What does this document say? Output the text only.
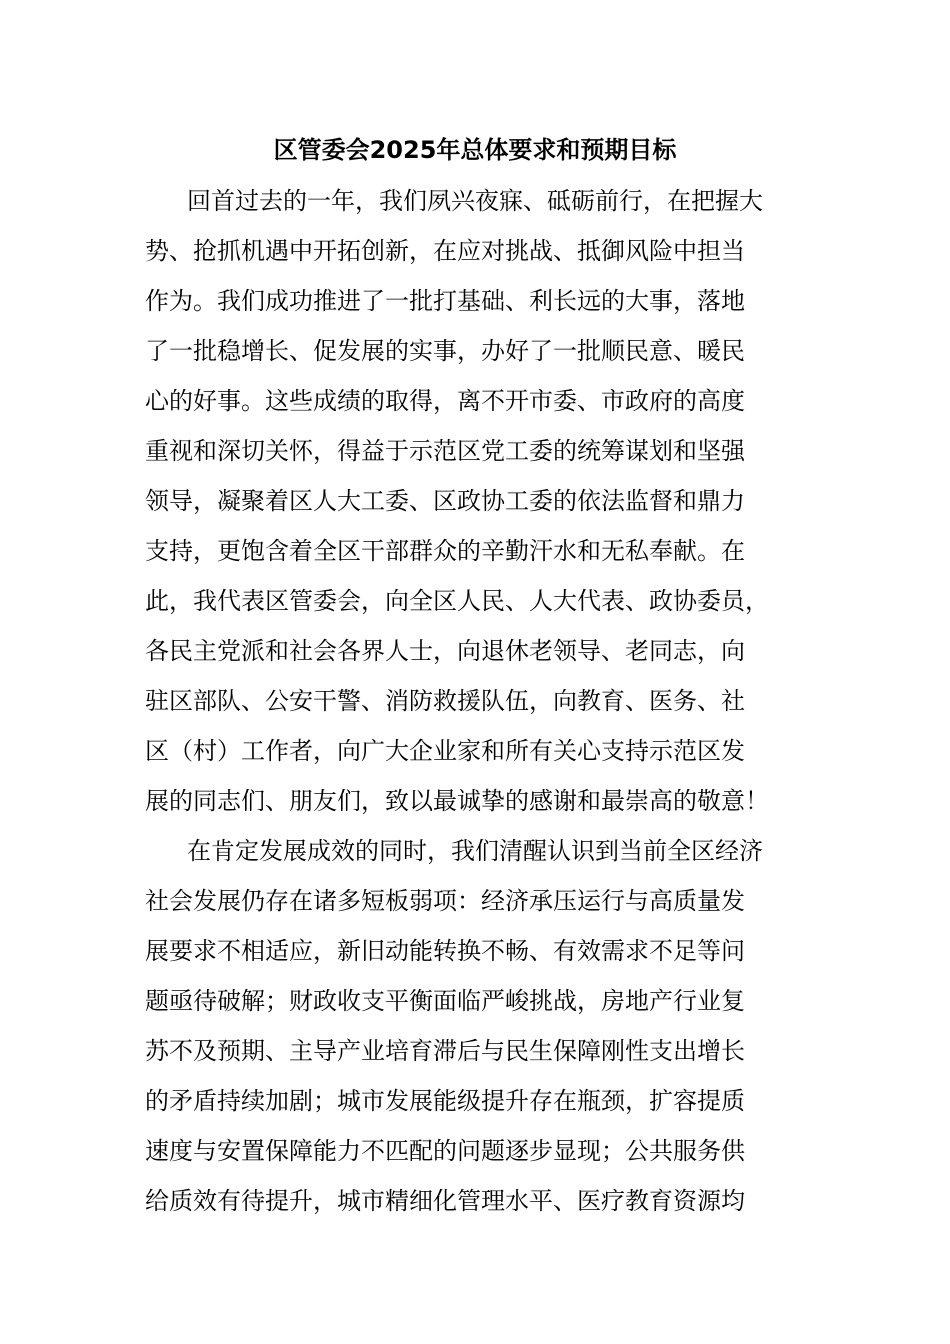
区管委会2025年总体要求和预期目标
回首过去的一年，我们夙兴夜寐、砥砺前行，在把握大
势、抢抓机遇中开拓创新，在应对挑战、抵御风险中担当
作为。我们成功推进了一批打基础、利长远的大事，落地
了一批稳增长、促发展的实事，办好了一批顺民意、暖民
心的好事。这些成绩的取得，离不开市委、市政府的高度
重视和深切关怀，得益于示范区党工委的统筹谋划和坚强
领导，凝聚着区人大工委、区政协工委的依法监督和鼎力
支持，更饱含着全区干部群众的辛勤汗水和无私奉献。在
此，我代表区管委会，向全区人民、人大代表、政协委员，
各民主党派和社会各界人士，向退休老领导、老同志，向
驻区部队、公安干警、消防救援队伍，向教育、医务、社
区（村）工作者，向广大企业家和所有关心支持示范区发
展的同志们、朋友们，致以最诚挚的感谢和最崇高的敬意！
在肯定发展成效的同时，我们清醒认识到当前全区经济
社会发展仍存在诸多短板弱项：经济承压运行与高质量发
展要求不相适应，新旧动能转换不畅、有效需求不足等问
题亟待破解；财政收支平衡面临严峻挑战，房地产行业复
苏不及预期、主导产业培育滞后与民生保障刚性支出增长
的矛盾持续加剧；城市发展能级提升存在瓶颈，扩容提质
速度与安置保障能力不匹配的问题逐步显现；公共服务供
给质效有待提升，城市精细化管理水平、医疗教育资源均
